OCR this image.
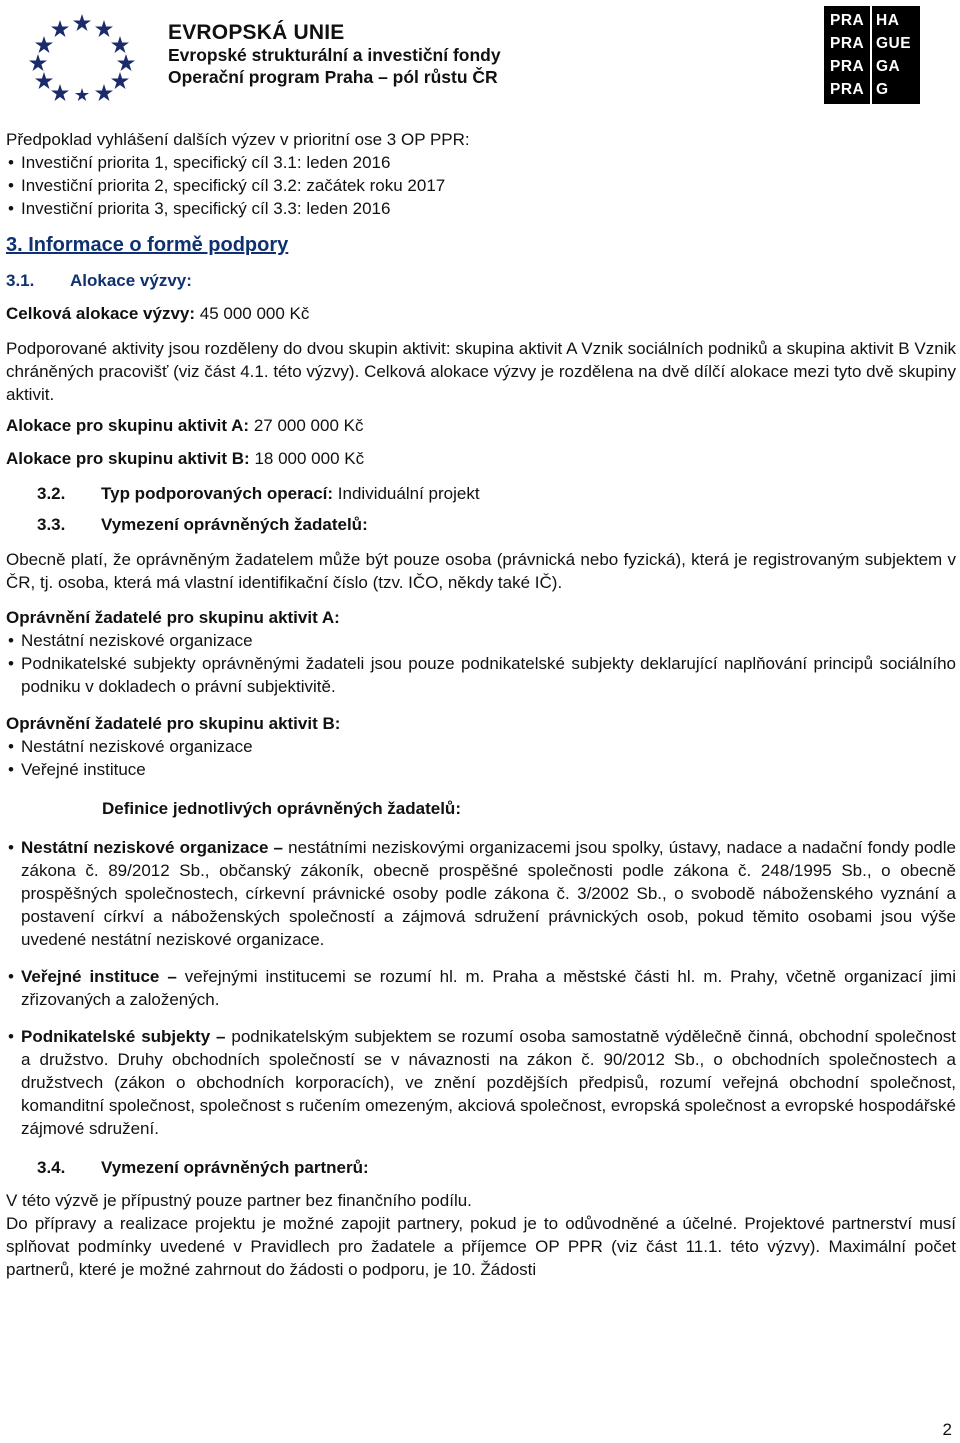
EVROPSKÁ UNIE
Evropské strukturální a investiční fondy
Operační program Praha – pól růstu ČR
PRA HA
PRA GUE
PRA GA
PRA G

Předpoklad vyhlášení dalších výzev v prioritní ose 3 OP PPR:

• Investiční priorita 1, specifický cíl 3.1: leden 2016
• Investiční priorita 2, specifický cíl 3.2: začátek roku 2017
• Investiční priorita 3, specifický cíl 3.3: leden 2016
3. Informace o formě podpory
3.1. Alokace výzvy:

Celková alokace výzvy: 45 000 000 Kč

Podporované aktivity jsou rozděleny do dvou skupin aktivit: skupina aktivit A Vznik sociálních podniků a skupina aktivit B Vznik chráněných pracovišť (viz část 4.1. této výzvy). Celková alokace výzvy je rozdělena na dvě dílčí alokace mezi tyto dvě skupiny aktivit.

Alokace pro skupinu aktivit A: 27 000 000 Kč

Alokace pro skupinu aktivit B: 18 000 000 Kč

3.2. Typ podporovaných operací: Individuální projekt
3.3. Vymezení oprávněných žadatelů:

Obecně platí, že oprávněným žadatelem může být pouze osoba (právnická nebo fyzická), která je registrovaným subjektem v ČR, tj. osoba, která má vlastní identifikační číslo (tzv. IČO, někdy také IČ).

Oprávnění žadatelé pro skupinu aktivit A:

• Nestátní neziskové organizace
• Podnikatelské subjekty oprávněnými žadateli jsou pouze podnikatelské subjekty deklarující naplňování principů sociálního podniku v dokladech o právní subjektivitě.

Oprávnění žadatelé pro skupinu aktivit B:

• Nestátní neziskové organizace
• Veřejné instituce

Definice jednotlivých oprávněných žadatelů:

• Nestátní neziskové organizace – nestátními neziskovými organizacemi jsou spolky, ústavy, nadace a nadační fondy podle zákona č. 89/2012 Sb., občanský zákoník, obecně prospěšné společnosti podle zákona č. 248/1995 Sb., o obecně prospěšných společnostech, církevní právnické osoby podle zákona č. 3/2002 Sb., o svobodě náboženského vyznání a postavení církví a náboženských společností a zájmová sdružení právnických osob, pokud těmito osobami jsou výše uvedené nestátní neziskové organizace.
• Veřejné instituce – veřejnými institucemi se rozumí hl. m. Praha a městské části hl. m. Prahy, včetně organizací jimi zřizovaných a založených.
• Podnikatelské subjekty – podnikatelským subjektem se rozumí osoba samostatně výdělečně činná, obchodní společnost a družstvo. Druhy obchodních společností se v návaznosti na zákon č. 90/2012 Sb., o obchodních společnostech a družstvech (zákon o obchodních korporacích), ve znění pozdějších předpisů, rozumí veřejná obchodní společnost, komanditní společnost, společnost s ručením omezeným, akciová společnost, evropská společnost a evropské hospodářské zájmové sdružení.
3.4. Vymezení oprávněných partnerů:

V této výzvě je přípustný pouze partner bez finančního podílu.

Do přípravy a realizace projektu je možné zapojit partnery, pokud je to odůvodněné a účelné. Projektové partnerství musí splňovat podmínky uvedené v Pravidlech pro žadatele a příjemce OP PPR (viz část 11.1. této výzvy). Maximální počet partnerů, které je možné zahrnout do žádosti o podporu, je 10. Žádosti

2
